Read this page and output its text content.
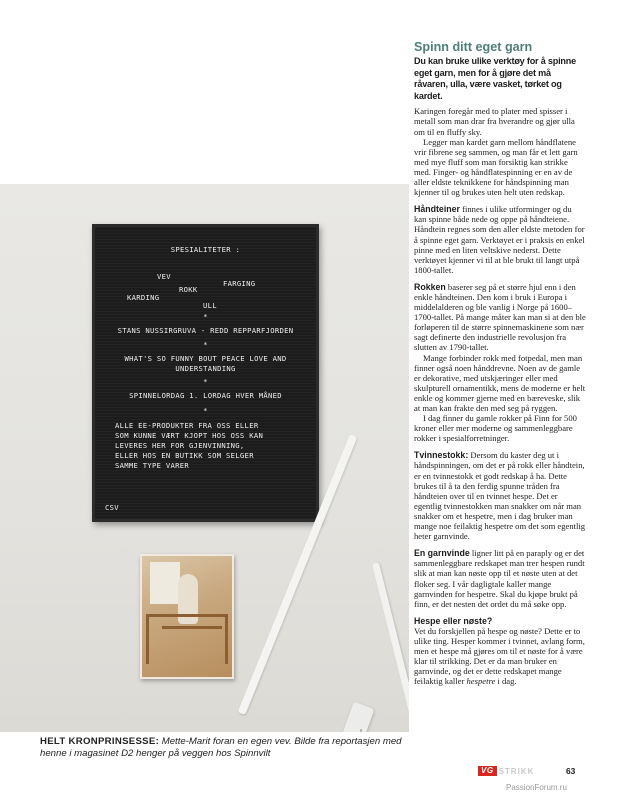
SPESIALITETER :
VEV
FARGING
ROKK
KARDING
ULL
*
STANS NUSSIRGRUVA - REDD REPPARFJORDEN
*
WHAT'S SO FUNNY BOUT PEACE LOVE AND
UNDERSTANDING
*
SPINNELORDAG 1. LORDAG HVER MÅNED
*
ALLE EE-PRODUKTER FRA OSS ELLER
SOM KUNNE VÆRT KJOPT HOS OSS KAN
LEVERES HER FOR GJENVINNING,
ELLER HOS EN BUTIKK SOM SELGER
SAMME TYPE VARER
CSV
HELT KRONPRINSESSE: Mette-Marit foran en egen vev. Bilde fra reportasjen med henne i magasinet D2 henger på veggen hos Spinnvilt
Spinn ditt eget garn
Du kan bruke ulike verktøy for å spinne eget garn, men for å gjøre det må råvaren, ulla, være vasket, tørket og kardet.

Karingen foregår med to plater med spisser i metall som man drar fra hverandre og gjør ulla om til en fluffy sky.

Legger man kardet garn mellom håndflatene vrir fibrene seg sammen, og man får et lett garn med mye fluff som man forsiktig kan strikke med. Finger- og håndflatespinning er en av de aller eldste teknikkene for håndspinning man kjenner til og brukes uten helt uten redskap.

Håndteiner finnes i ulike utforminger og du kan spinne både nede og oppe på håndteiene. Håndtein regnes som den aller eldste metoden for å spinne eget garn. Verktøyet er i praksis en enkel pinne med en liten veltskive nederst. Dette verktøyet kjenner vi til at ble brukt til langt utpå 1800-tallet.

Rokken baserer seg på et større hjul enn i den enkle håndteinen. Den kom i bruk i Europa i middelalderen og ble vanlig i Norge på 1600–1700-tallet. På mange måter kan man si at den ble forløperen til de større spinnemaskinene som nær sagt definerte den industrielle revolusjon fra slutten av 1790-tallet.

Mange forbinder rokk med fotpedal, men man finner også noen hånddrevne. Noen av de gamle er dekorative, med utskjæringer eller med skulpturell ornamentikk, mens de moderne er helt enkle og kommer gjerne med en bæreveske, slik at man kan frakte den med seg på ryggen.

I dag finner du gamle rokker på Finn for 500 kroner eller mer moderne og sammenleggbare rokker i spesialforretninger.

Tvinnestokk: Dersom du kaster deg ut i håndspinningen, om det er på rokk eller håndtein, er en tvinnestokk et godt redskap å ha. Dette brukes til å ta den ferdig spunne tråden fra håndteien over til en tvinnet hespe. Det er egentlig tvinnestokken man snakker om når man snakker om et hespetre, men i dag bruker man mange noe feilaktig hespetre om det som egentlig heter garnvinde.

En garnvinde ligner litt på en paraply og er det sammenleggbare redskapet man trer hespen rundt slik at man kan nøste opp til et nøste uten at det floker seg. I vår dagligtale kaller mange garnvinden for hespetre. Skal du kjøpe brukt på finn, er det nesten det ordet du må søke opp.

Hespe eller nøste?

Vet du forskjellen på hespe og nøste? Dette er to ulike ting. Hesper kommer i tvinnet, avlang form, men et hespe må gjøres om til et nøste for å være klar til strikking. Det er da man bruker en garnvinde, og det er dette redskapet mange feilaktig kaller hespetre i dag.

VG STRIKK	63
PassionForum.ru
